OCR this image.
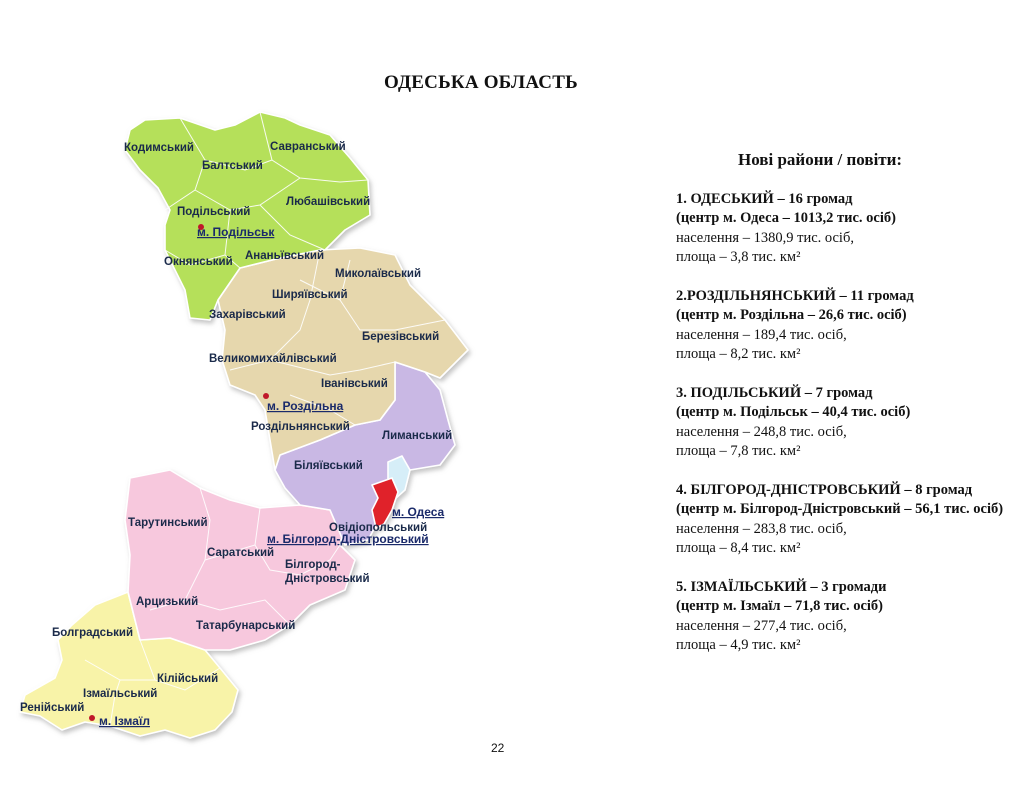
ОДЕСЬКА ОБЛАСТЬ
Кодимський	Савранський
Балтський
Любашівський
Подільський
м. Подільськ
Ананьївський
Окнянський
Миколаївський
Ширяївський
Захарівський
Березівський
Великомихайлівський
Іванівський
м. Роздільна
Роздільнянський
Лиманський
Біляївський
м. Одеса
Овідіопольський
м. Білгород-Дністровський
Тарутинський
Саратський
Білгород-
Дністровський
Арцизький
Татарбунарський
Болградський
Кілійський
Ізмаїльський
Ренійський
м. Ізмаїл
Нові райони / повіти:
1. ОДЕСЬКИЙ – 16 громад
(центр м. Одеса – 1013,2 тис. осіб)
населення – 1380,9 тис. осіб,
площа – 3,8 тис. км²
2.РОЗДІЛЬНЯНСЬКИЙ – 11 громад
(центр м. Роздільна – 26,6 тис. осіб)
населення – 189,4 тис. осіб,
площа – 8,2 тис. км²
3. ПОДІЛЬСЬКИЙ – 7 громад
(центр м. Подільськ – 40,4 тис. осіб)
населення – 248,8 тис. осіб,
площа – 7,8 тис. км²
4. БІЛГОРОД-ДНІСТРОВСЬКИЙ – 8 громад
(центр м. Білгород-Дністровський – 56,1 тис. осіб)
населення – 283,8 тис. осіб,
площа – 8,4 тис. км²
5. ІЗМАЇЛЬСЬКИЙ – 3 громади
(центр м. Ізмаїл – 71,8 тис. осіб)
населення – 277,4 тис. осіб,
площа – 4,9 тис. км²
22
